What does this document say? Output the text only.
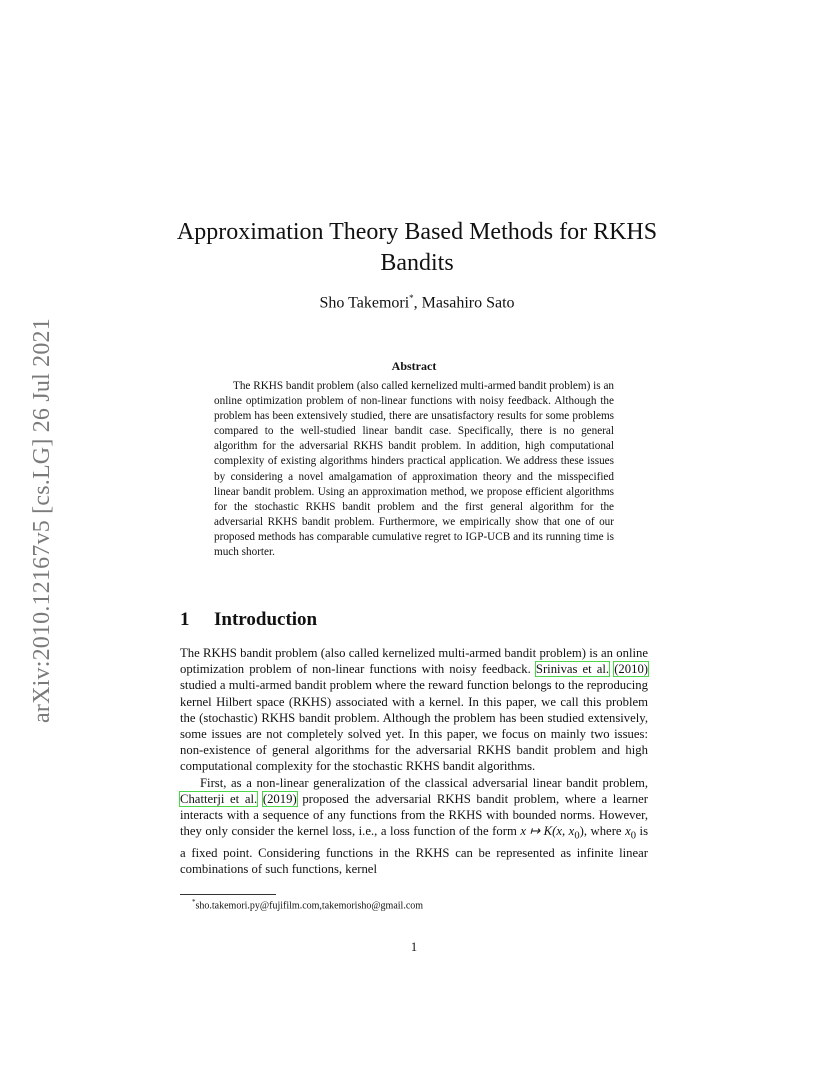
arXiv:2010.12167v5 [cs.LG] 26 Jul 2021
Approximation Theory Based Methods for RKHS
Bandits
Sho Takemori*, Masahiro Sato
Abstract
The RKHS bandit problem (also called kernelized multi-armed bandit problem) is an online optimization problem of non-linear functions with noisy feedback. Although the problem has been extensively studied, there are unsatisfactory results for some problems compared to the well-studied linear bandit case. Specifically, there is no general algorithm for the adversarial RKHS bandit problem. In addition, high computational complexity of existing algorithms hinders practical application. We address these issues by considering a novel amalgamation of approximation theory and the misspecified linear bandit problem. Using an approximation method, we propose efficient algorithms for the stochastic RKHS bandit problem and the first general algorithm for the adversarial RKHS bandit problem. Furthermore, we empirically show that one of our proposed methods has comparable cumulative regret to IGP-UCB and its running time is much shorter.
1 Introduction

The RKHS bandit problem (also called kernelized multi-armed bandit problem) is an online optimization problem of non-linear functions with noisy feedback. Srinivas et al. (2010) studied a multi-armed bandit problem where the reward function belongs to the reproducing kernel Hilbert space (RKHS) associated with a kernel. In this paper, we call this problem the (stochastic) RKHS bandit problem. Although the problem has been studied extensively, some issues are not completely solved yet. In this paper, we focus on mainly two issues: non-existence of general algorithms for the adversarial RKHS bandit problem and high computational complexity for the stochastic RKHS bandit algorithms.

First, as a non-linear generalization of the classical adversarial linear bandit problem, Chatterji et al. (2019) proposed the adversarial RKHS bandit problem, where a learner interacts with a sequence of any functions from the RKHS with bounded norms. However, they only consider the kernel loss, i.e., a loss function of the form x ↦ K(x, $x_0$), where $x_0$ is a fixed point. Considering functions in the RKHS can be represented as infinite linear combinations of such functions, kernel

*sho.takemori.py@fujifilm.com,takemorisho@gmail.com
1
